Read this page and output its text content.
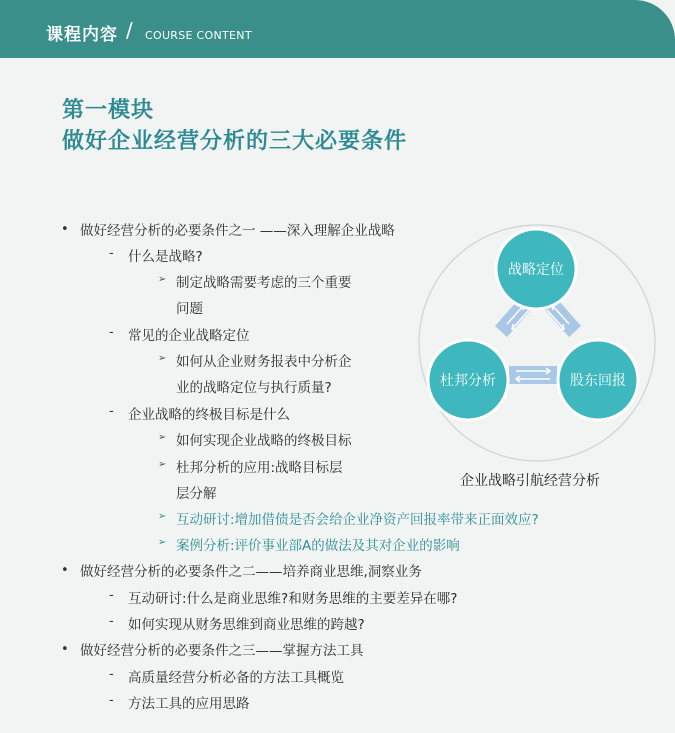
课程内容 / COURSE CONTENT
第一模块
做好企业经营分析的三大必要条件
• 做好经营分析的必要条件之一 ——深入理解企业战略
- 什么是战略?
➢ 制定战略需要考虑的三个重要
问题
- 常见的企业战略定位
➢ 如何从企业财务报表中分析企
业的战略定位与执行质量?
- 企业战略的终极目标是什么
➢ 如何实现企业战略的终极目标
➢ 杜邦分析的应用:战略目标层
层分解
➢ 互动研讨:增加借债是否会给企业净资产回报率带来正面效应?
➢ 案例分析:评价事业部A的做法及其对企业的影响
• 做好经营分析的必要条件之二——培养商业思维,洞察业务
- 互动研讨:什么是商业思维?和财务思维的主要差异在哪?
- 如何实现从财务思维到商业思维的跨越?
• 做好经营分析的必要条件之三——掌握方法工具
- 高质量经营分析必备的方法工具概览
- 方法工具的应用思路
战略定位
杜邦分析	股东回报
企业战略引航经营分析
